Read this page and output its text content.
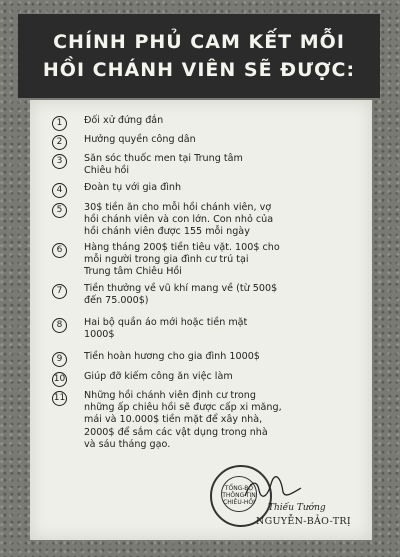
CHÍNH PHỦ CAM KẾT MỖI
HỒI CHÁNH VIÊN SẼ ĐƯỢC:
1	Đối xử đứng đắn
2	Hưởng quyền công dân
3	Săn sóc thuốc men tại Trung tâm
Chiêu hồi
4	Đoàn tụ với gia đình
5	30$ tiền ăn cho mỗi hồi chánh viên, vợ
hồi chánh viên và con lớn. Con nhỏ của
hồi chánh viên được 155 mỗi ngày
6	Hàng tháng 200$ tiền tiêu vặt. 100$ cho
mỗi người trong gia đình cư trú tại
Trung tâm Chiêu Hồi
7	Tiền thưởng về vũ khí mang về (từ 500$
đến 75.000$)
8	Hai bộ quần áo mới hoặc tiền mặt
1000$
9	Tiền hoàn hương cho gia đình 1000$
10 Giúp đỡ kiếm công ăn việc làm
11 Những hồi chánh viên định cư trong
những ấp chiêu hồi sẽ được cấp xi măng,
mái và 10.000$ tiền mặt để xây nhà,
2000$ để sắm các vật dụng trong nhà
và sáu tháng gạo.
TỔNG-BỘ
THÔNG-TIN
CHIÊU-HỒI
Thiếu Tướng
NGUYỄN-BẢO-TRỊ
